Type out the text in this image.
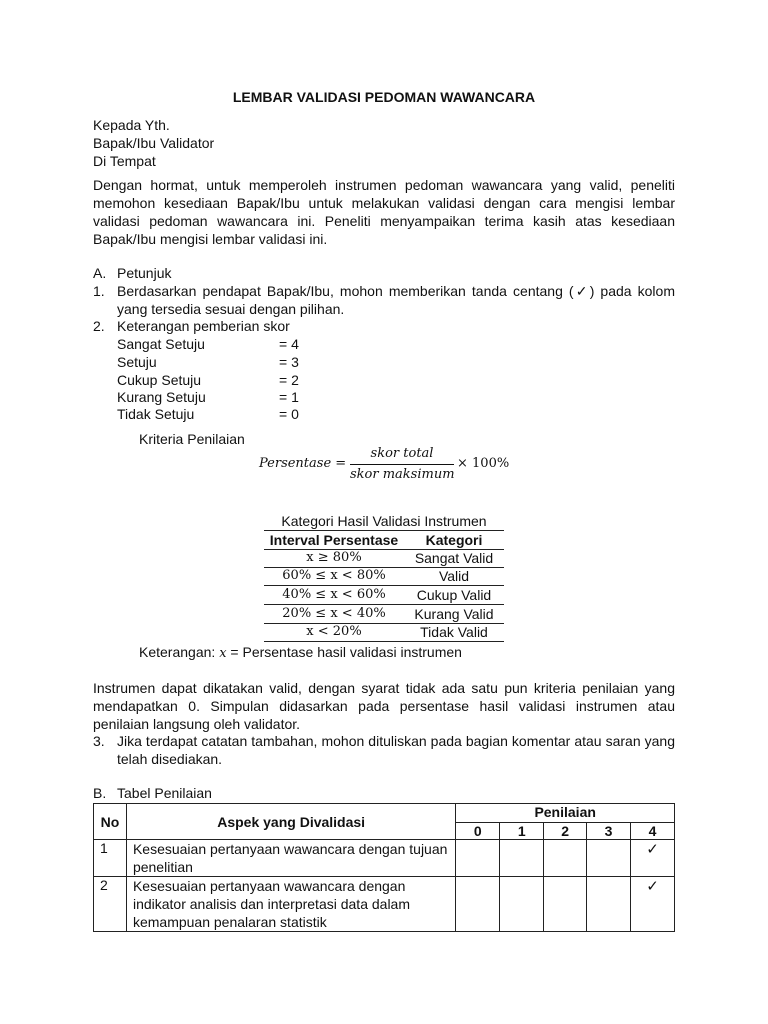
LEMBAR VALIDASI PEDOMAN WAWANCARA
Kepada Yth.
Bapak/Ibu Validator
Di Tempat
Dengan hormat, untuk memperoleh instrumen pedoman wawancara yang valid, peneliti memohon kesediaan Bapak/Ibu untuk melakukan validasi dengan cara mengisi lembar validasi pedoman wawancara ini. Peneliti menyampaikan terima kasih atas kesediaan Bapak/Ibu mengisi lembar validasi ini.
A. Petunjuk
1. Berdasarkan pendapat Bapak/Ibu, mohon memberikan tanda centang (✓) pada kolom yang tersedia sesuai dengan pilihan.
2. Keterangan pemberian skor
Sangat Setuju	= 4
Setuju	= 3
Cukup Setuju	= 2
Kurang Setuju	= 1
Tidak Setuju	= 0
Kriteria Penilaian
Persentase =
skor total
skor maksimum
× 100%
Kategori Hasil Validasi Instrumen
Interval Persentase	Kategori
x ≥ 80%	Sangat Valid
60% ≤ x < 80%	Valid
40% ≤ x < 60%	Cukup Valid
20% ≤ x < 40%	Kurang Valid
x < 20%	Tidak Valid
Keterangan: x = Persentase hasil validasi instrumen
Instrumen dapat dikatakan valid, dengan syarat tidak ada satu pun kriteria penilaian yang mendapatkan 0. Simpulan didasarkan pada persentase hasil validasi instrumen atau penilaian langsung oleh validator.
3. Jika terdapat catatan tambahan, mohon dituliskan pada bagian komentar atau saran yang telah disediakan.
B. Tabel Penilaian
No	Aspek yang Divalidasi	Penilaian				
		0	1	2	3	4
1	Kesesuaian pertanyaan wawancara dengan tujuan penelitian					✓
2	Kesesuaian pertanyaan wawancara dengan indikator analisis dan interpretasi data dalam kemampuan penalaran statistik					✓
